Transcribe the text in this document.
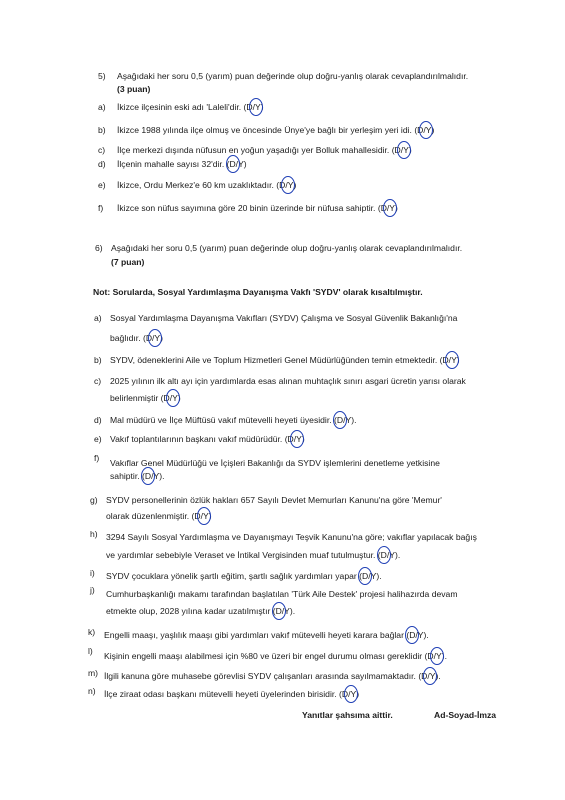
5) Aşağıdaki her soru 0,5 (yarım) puan değerinde olup doğru-yanlış olarak cevaplandırılmalıdır.
(3 puan)
a) İkizce ilçesinin eski adı 'Laleli'dir. (D/Y)
b) İkizce 1988 yılında ilçe olmuş ve öncesinde Ünye'ye bağlı bir yerleşim yeri idi. (D/Y)
c) İlçe merkezi dışında nüfusun en yoğun yaşadığı yer Bolluk mahallesidir. (D/Y)
d) İlçenin mahalle sayısı 32'dir. (D/Y)
e) İkizce, Ordu Merkez'e 60 km uzaklıktadır. (D/Y)
f) İkizce son nüfus sayımına göre 20 binin üzerinde bir nüfusa sahiptir. (D/Y)
6) Aşağıdaki her soru 0,5 (yarım) puan değerinde olup doğru-yanlış olarak cevaplandırılmalıdır.
(7 puan)
Not: Sorularda, Sosyal Yardımlaşma Dayanışma Vakfı 'SYDV' olarak kısaltılmıştır.
a) Sosyal Yardımlaşma Dayanışma Vakıfları (SYDV) Çalışma ve Sosyal Güvenlik Bakanlığı'na
bağlıdır. (D/Y)
b) SYDV, ödeneklerini Aile ve Toplum Hizmetleri Genel Müdürlüğünden temin etmektedir. (D/Y)
c) 2025 yılının ilk altı ayı için yardımlarda esas alınan muhtaçlık sınırı asgari ücretin yarısı olarak
belirlenmiştir (D/Y)
d) Mal müdürü ve İlçe Müftüsü vakıf mütevelli heyeti üyesidir. (D/Y).
e) Vakıf toplantılarının başkanı vakıf müdürüdür. (D/Y)
f) Vakıflar Genel Müdürlüğü ve İçişleri Bakanlığı da SYDV işlemlerini denetleme yetkisine
sahiptir. (D/Y).
g) SYDV personellerinin özlük hakları 657 Sayılı Devlet Memurları Kanunu'na göre 'Memur'
olarak düzenlenmiştir. (D/Y)
h) 3294 Sayılı Sosyal Yardımlaşma ve Dayanışmayı Teşvik Kanunu'na göre; vakıflar yapılacak bağış
ve yardımlar sebebiyle Veraset ve İntikal Vergisinden muaf tutulmuştur. (D/Y).
i) SYDV çocuklara yönelik şartlı eğitim, şartlı sağlık yardımları yapar (D/Y).
j) Cumhurbaşkanlığı makamı tarafından başlatılan 'Türk Aile Destek' projesi halihazırda devam
etmekte olup, 2028 yılına kadar uzatılmıştır (D/Y).
k) Engelli maaşı, yaşlılık maaşı gibi yardımları vakıf mütevelli heyeti karara bağlar (D/Y).
l) Kişinin engelli maaşı alabilmesi için %80 ve üzeri bir engel durumu olması gereklidir (D/Y).
m) İlgili kanuna göre muhasebe görevlisi SYDV çalışanları arasında sayılmamaktadır. (D/Y).
n) İlçe ziraat odası başkanı mütevelli heyeti üyelerinden birisidir. (D/Y)
Yanıtlar şahsıma aittir.	Ad-Soyad-İmza
